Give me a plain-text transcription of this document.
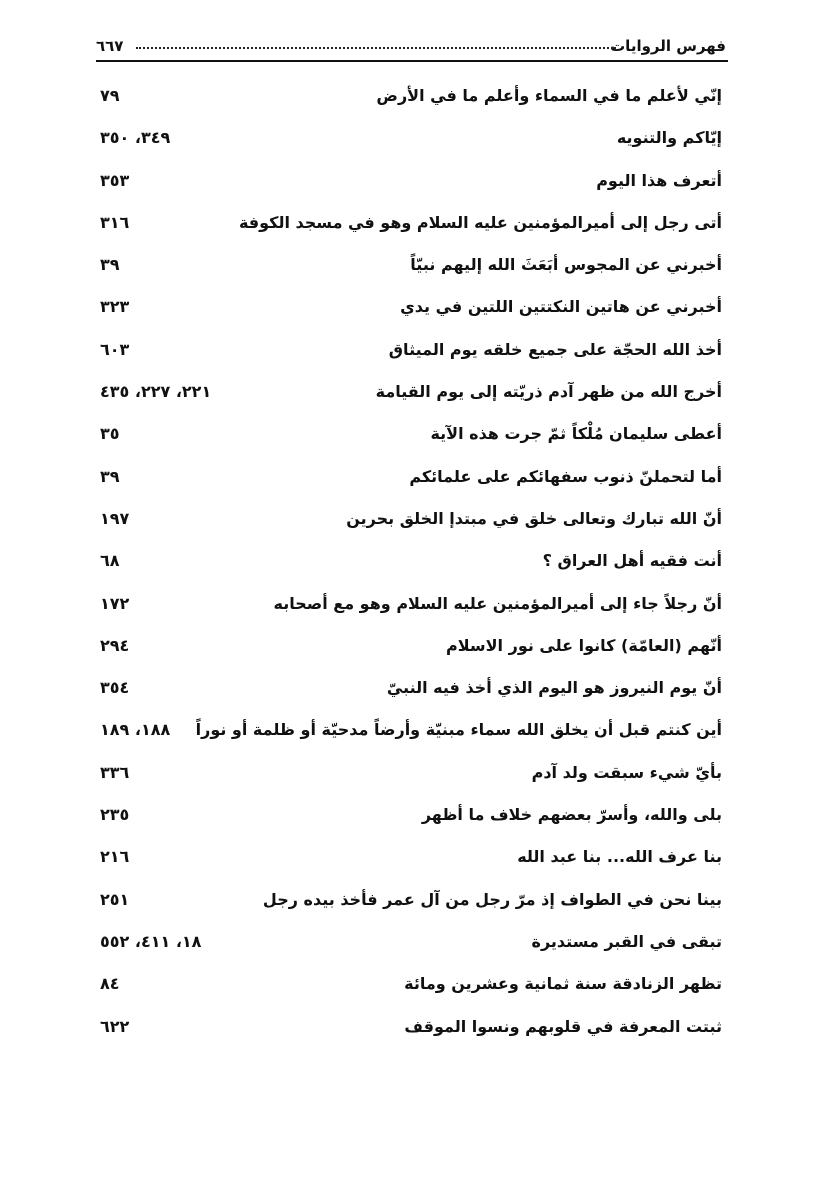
فهرس الروايات
٦٦٧
إنّي لأعلم ما في السماء وأعلم ما في الأرض
٧٩
إيّاكم والتنويه
٣٤٩، ٣٥٠
أتعرف هذا اليوم
٣٥٣
أتى رجل إلى أميرالمؤمنين عليه السلام وهو في مسجد الكوفة
٣١٦
أخبرني عن المجوس أبَعَثَ الله إليهم نبيّاً
٣٩
أخبرني عن هاتين النكتتين اللتين في يدي
٣٢٣
أخذ الله الحجّة على جميع خلقه يوم الميثاق
٦٠٣
أخرج الله من ظهر آدم ذريّته إلى يوم القيامة
٢٢١، ٢٢٧، ٤٣٥
أعطى سليمان مُلْكاً ثمّ جرت هذه الآية
٣٥
أما لتحملنّ ذنوب سفهائكم على علمائكم
٣٩
أنّ الله تبارك وتعالى خلق في مبتدإ الخلق بحرين
١٩٧
أنت فقيه أهل العراق ؟
٦٨
أنّ رجلاً جاء إلى أميرالمؤمنين عليه السلام وهو مع أصحابه
١٧٢
أنّهم (العامّة) كانوا على نور الاسلام
٢٩٤
أنّ يوم النيروز هو اليوم الذي أخذ فيه النبيّ
٣٥٤
أين كنتم قبل أن يخلق الله سماء مبنيّة وأرضاً مدحيّة أو ظلمة أو نوراً
١٨٨، ١٨٩
بأيّ شيء سبقت ولد آدم
٣٣٦
بلى والله، وأسرّ بعضهم خلاف ما أظهر
٢٣٥
بنا عرف الله... بنا عبد الله
٢١٦
بينا نحن في الطواف إذ مرّ رجل من آل عمر فأخذ بيده رجل
٢٥١
تبقى في القبر مستديرة
١٨، ٤١١، ٥٥٢
تظهر الزنادقة سنة ثمانية وعشرين ومائة
٨٤
ثبتت المعرفة في قلوبهم ونسوا الموقف
٦٢٢
